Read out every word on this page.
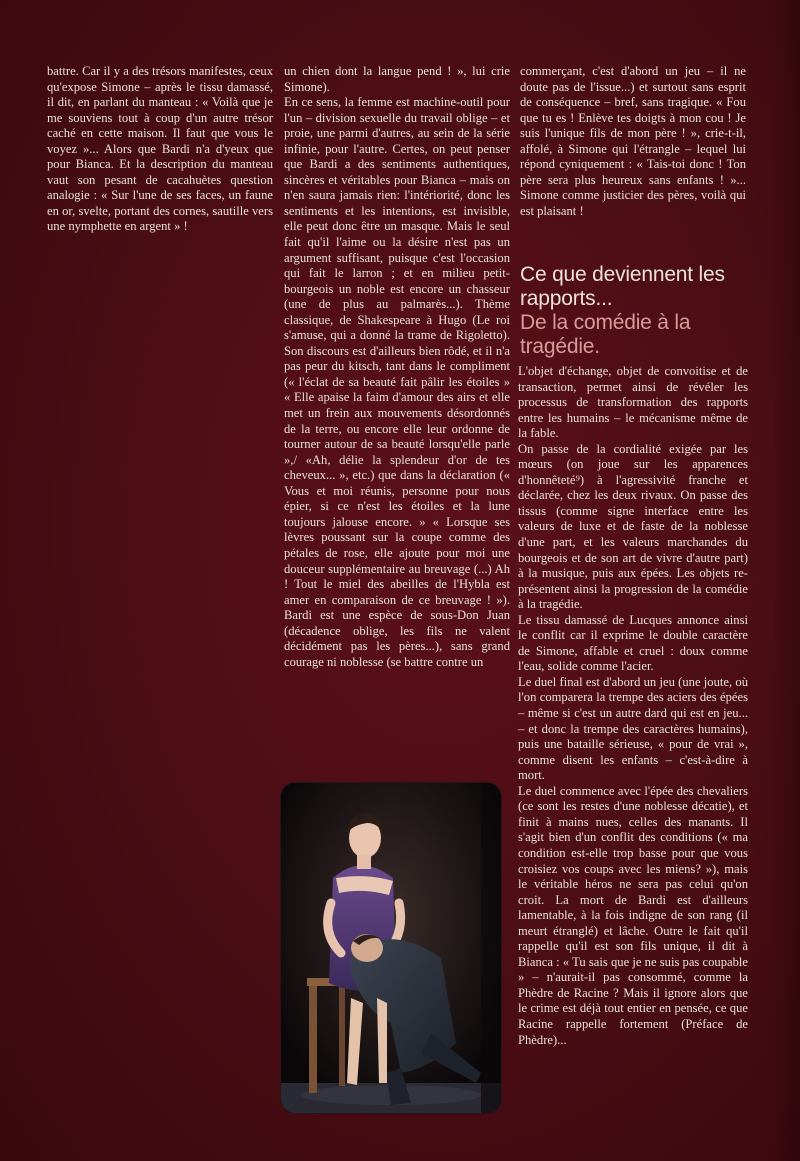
battre. Car il y a des trésors manifestes, ceux qu'expose Simone – après le tissu damassé, il dit, en parlant du manteau : « Voilà que je me souviens tout à coup d'un autre trésor caché en cette maison. Il faut que vous le voyez »... Alors que Bardi n'a d'yeux que pour Bianca. Et la description du manteau vaut son pesant de cacahuètes question analogie : « Sur l'une de ses faces, un faune en or, svelte, portant des cornes, sautille vers une nymphette en argent » !

un chien dont la langue pend ! », lui crie Simone).

En ce sens, la femme est machine-outil pour l'un – division sexuelle du travail oblige – et proie, une parmi d'autres, au sein de la série infinie, pour l'autre. Certes, on peut penser que Bardi a des sentiments authentiques, sincères et véritables pour Bianca – mais on n'en saura jamais rien: l'intériorité, donc les sentiments et les intentions, est invisible, elle peut donc être un masque. Mais le seul fait qu'il l'aime ou la désire n'est pas un argument suffisant, puisque c'est l'occasion qui fait le larron ; et en milieu petit-bourgeois un noble est encore un chasseur (une de plus au palmarès...). Thème classique, de Shakespeare à Hugo (Le roi s'amuse, qui a donné la trame de Rigoletto). Son discours est d'ailleurs bien rôdé, et il n'a pas peur du kitsch, tant dans le compliment (« l'éclat de sa beauté fait pâlir les étoiles » « Elle apaise la faim d'amour des airs et elle met un frein aux mouvements désordonnés de la terre, ou encore elle leur ordonne de tourner autour de sa beauté lorsqu'elle parle »,/ «Ah, délie la splendeur d'or de tes cheveux... », etc.) que dans la déclaration (« Vous et moi réunis, personne pour nous épier, si ce n'est les étoiles et la lune toujours jalouse encore. » « Lorsque ses lèvres poussant sur la coupe comme des pétales de rose, elle ajoute pour moi une douceur supplémentaire au breuvage (...) Ah ! Tout le miel des abeilles de l'Hybla est amer en comparaison de ce breuvage ! »). Bardi est une espèce de sous-Don Juan (décadence oblige, les fils ne valent décidément pas les pères...), sans grand courage ni noblesse (se battre contre un

commerçant, c'est d'abord un jeu – il ne doute pas de l'issue...) et surtout sans esprit de conséquence – bref, sans tragique. « Fou que tu es ! Enlève tes doigts à mon cou ! Je suis l'unique fils de mon père ! », crie-t-il, affolé, à Simone qui l'étrangle – lequel lui répond cyniquement : « Tais-toi donc ! Ton père sera plus heureux sans enfants ! »... Simone comme justicier des pères, voilà qui est plaisant !

Ce que deviennent les rapports...
De la comédie à la tragédie.

L'objet d'échange, objet de convoitise et de transaction, permet ainsi de révéler les processus de transformation des rapports entre les humains – le mécanisme même de la fable.

On passe de la cordialité exigée par les mœurs (on joue sur les apparences d'honnêteté⁹) à l'agressivité franche et déclarée, chez les deux rivaux. On passe des tissus (comme signe interface entre les valeurs de luxe et de faste de la noblesse d'une part, et les valeurs marchandes du bourgeois et de son art de vivre d'autre part) à la musique, puis aux épées. Les objets re-présentent ainsi la progression de la comédie à la tragédie.

Le tissu damassé de Lucques annonce ainsi le conflit car il exprime le double caractère de Simone, affable et cruel : doux comme l'eau, solide comme l'acier.

Le duel final est d'abord un jeu (une joute, où l'on comparera la trempe des aciers des épées – même si c'est un autre dard qui est en jeu... – et donc la trempe des caractères humains), puis une bataille sérieuse, « pour de vrai », comme disent les enfants – c'est-à-dire à mort.

Le duel commence avec l'épée des chevaliers (ce sont les restes d'une noblesse décatie), et finit à mains nues, celles des manants. Il s'agit bien d'un conflit des conditions (« ma condition est-elle trop basse pour que vous croisiez vos coups avec les miens? »), mais le véritable héros ne sera pas celui qu'on croit. La mort de Bardi est d'ailleurs lamentable, à la fois indigne de son rang (il meurt étranglé) et lâche. Outre le fait qu'il rappelle qu'il est son fils unique, il dit à Bianca : « Tu sais que je ne suis pas coupable » – n'aurait-il pas consommé, comme la Phèdre de Racine ? Mais il ignore alors que le crime est déjà tout entier en pensée, ce que Racine rappelle fortement (Préface de Phèdre)...
